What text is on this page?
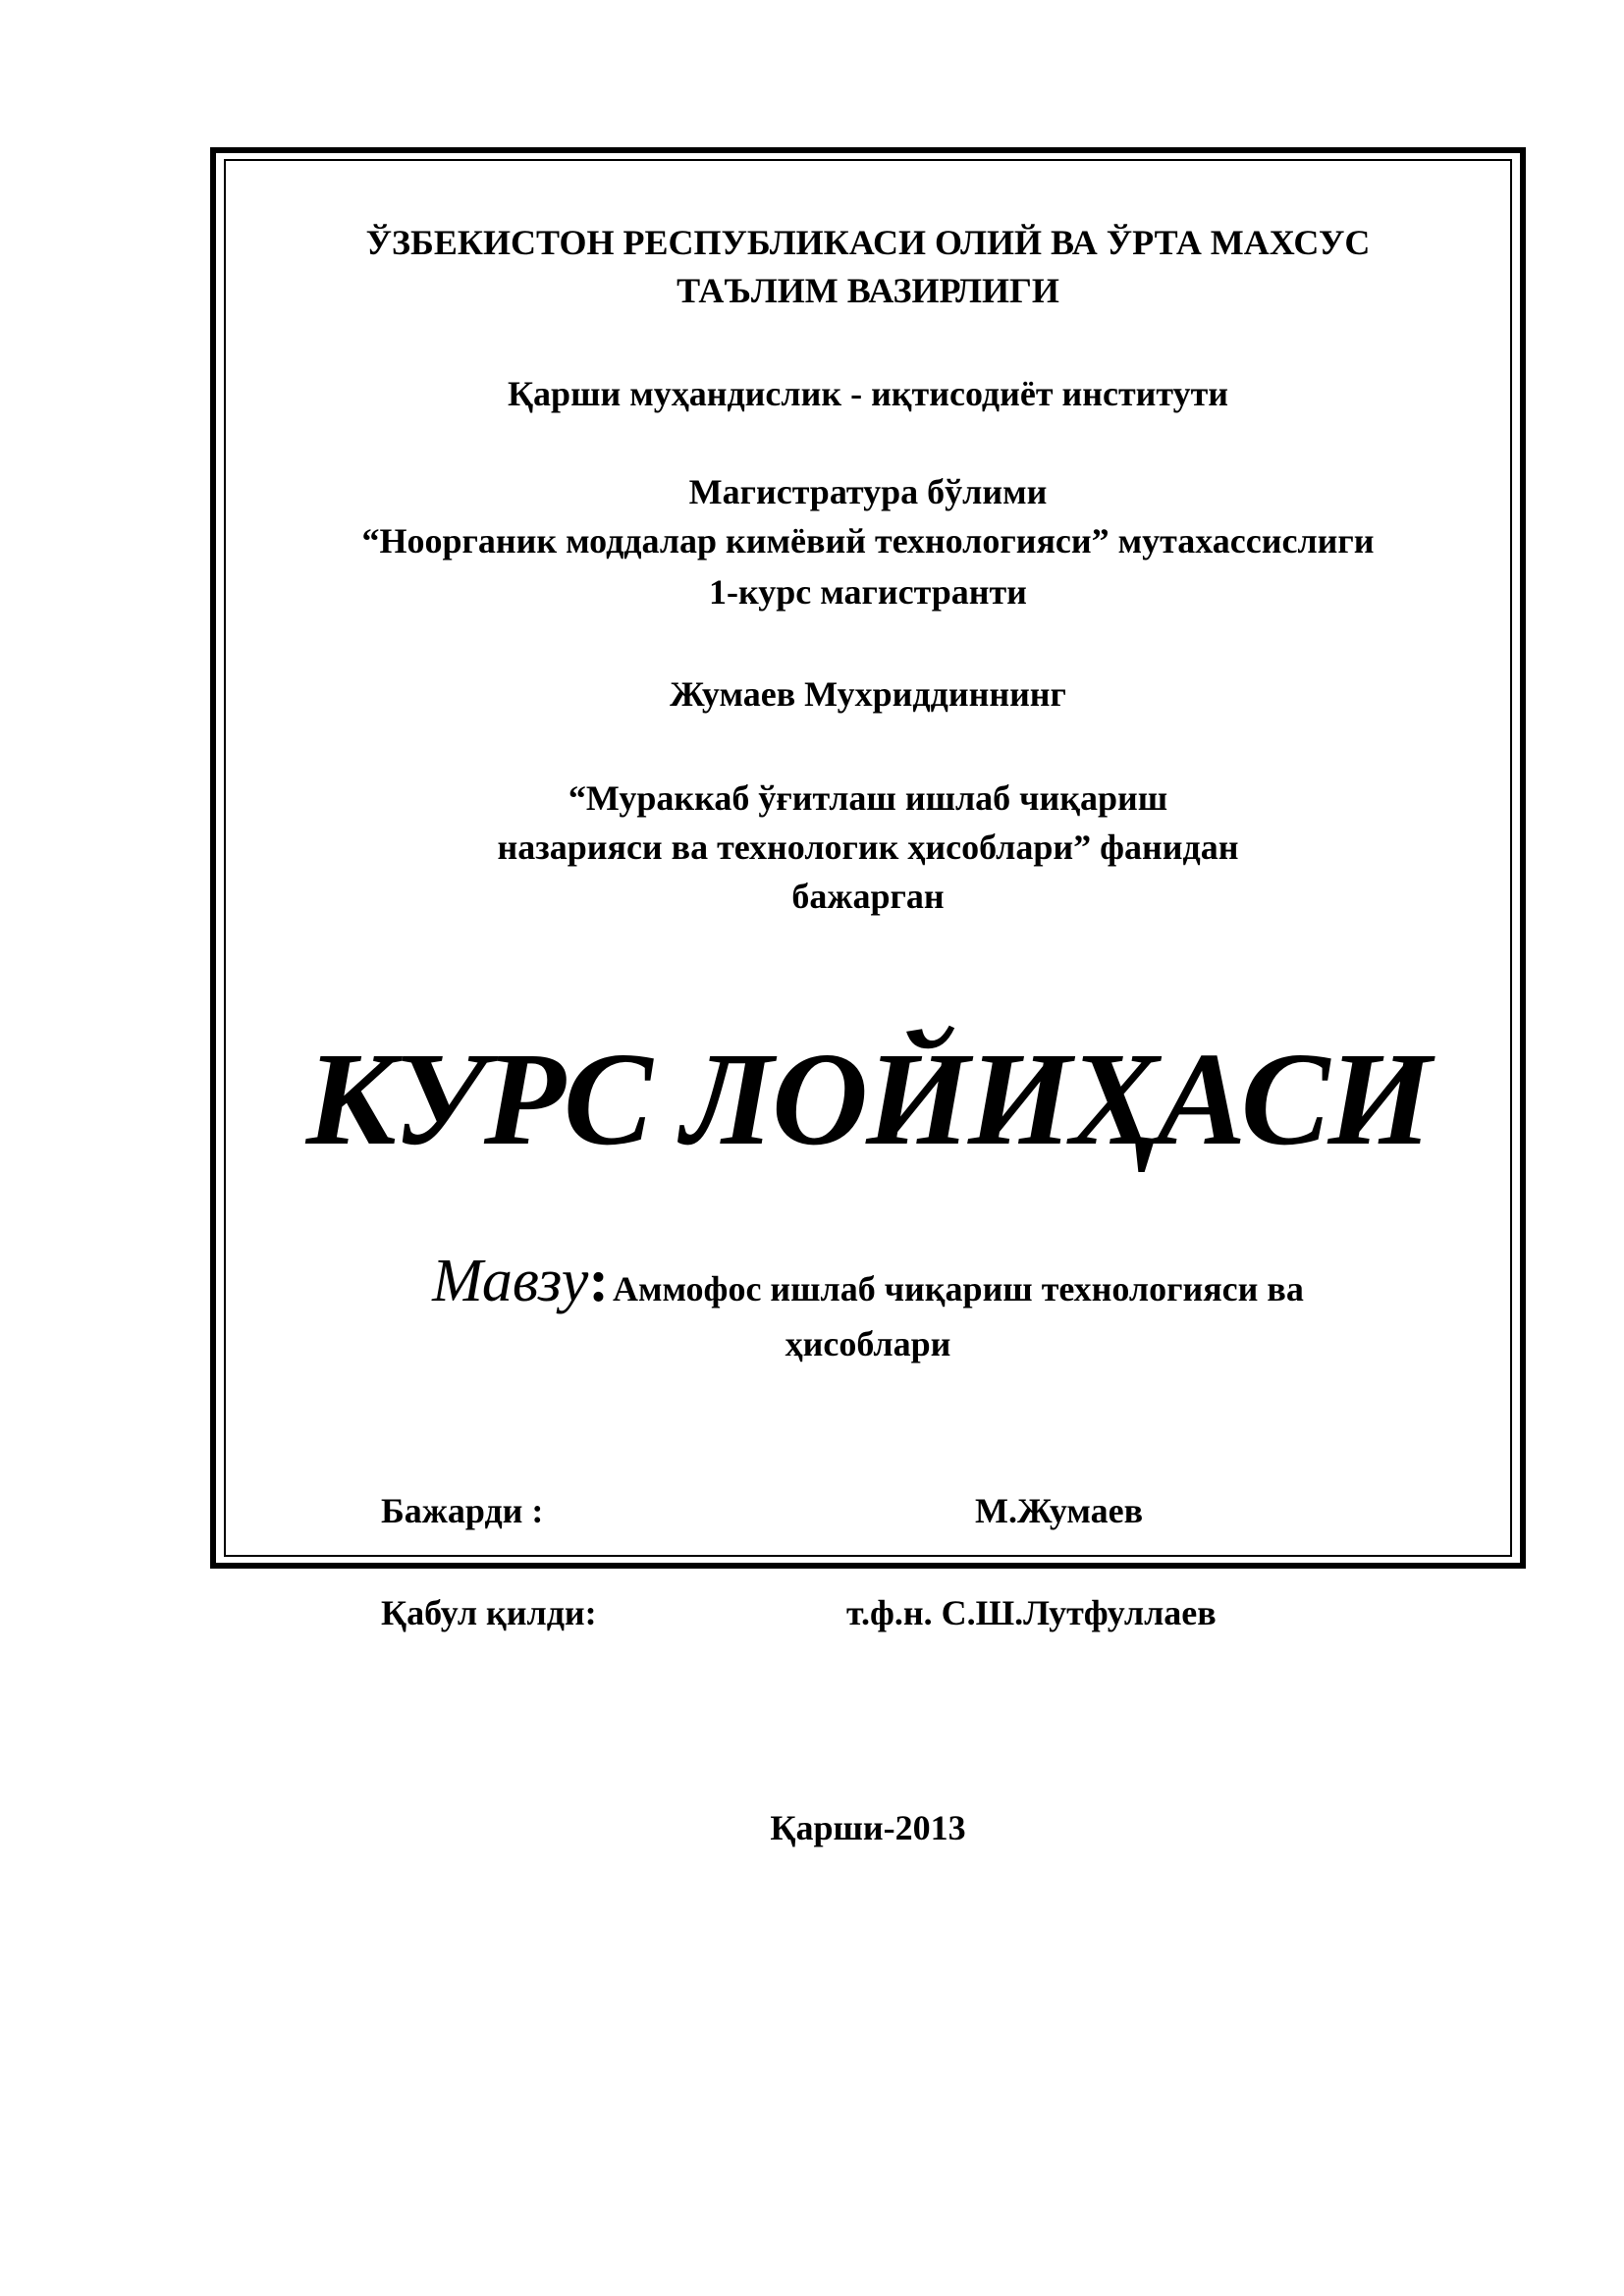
ЎЗБЕКИСТОН РЕСПУБЛИКАСИ ОЛИЙ ВА ЎРТА МАХСУС
ТАЪЛИМ ВАЗИРЛИГИ
Қарши муҳандислик - иқтисодиёт институти
Магистратура бўлими
“Ноорганик моддалар кимёвий технологияси” мутахассислиги
1-курс магистранти
Жумаев Мухриддиннинг
“Мураккаб ўғитлаш ишлаб чиқариш
назарияси ва технологик ҳисоблари” фанидан
бажарган
КУРС ЛОЙИҲАСИ
Мавзу: Аммофос ишлаб чиқариш технологияси ва
ҳисоблари
Бажарди :	М.Жумаев
Қабул қилди:	т.ф.н. С.Ш.Лутфуллаев
Қарши-2013
